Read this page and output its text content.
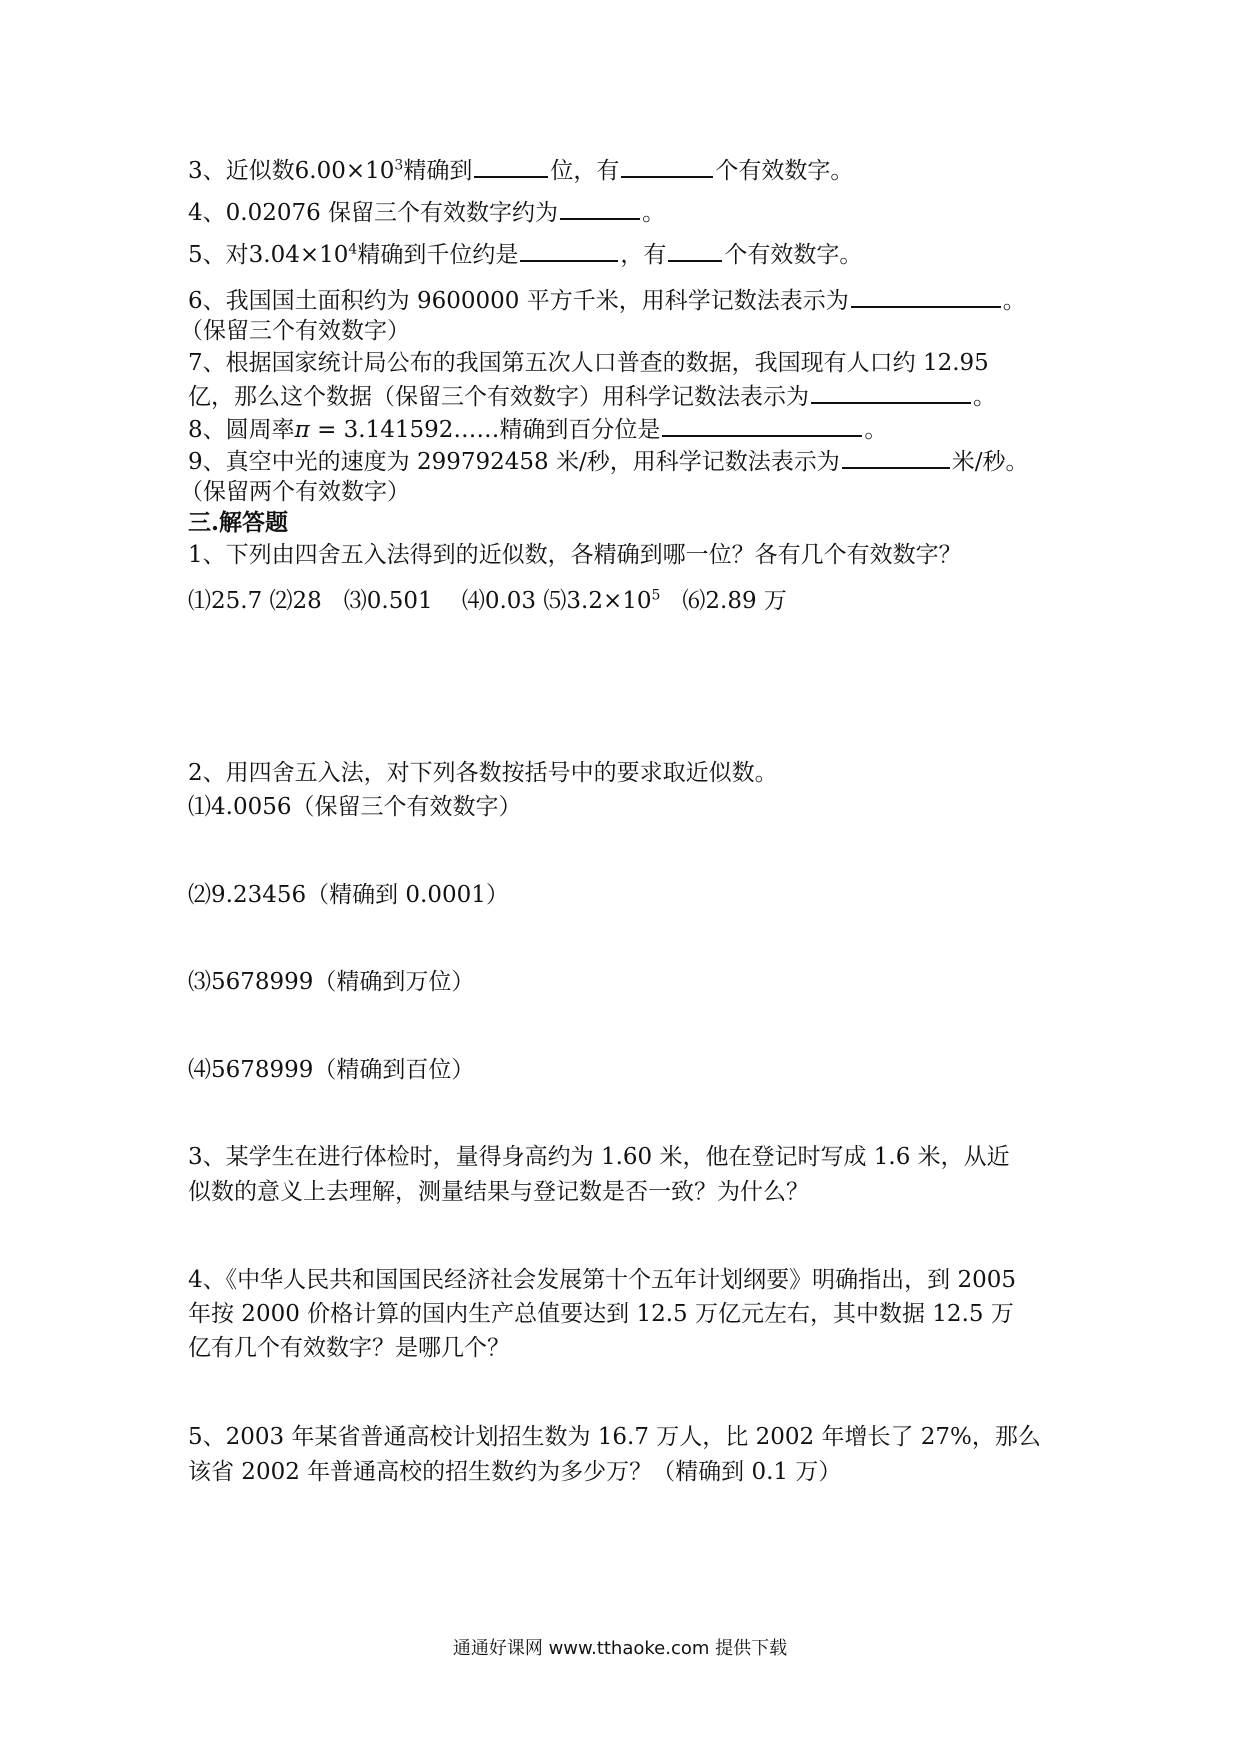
3、近似数$6.00\times 10^3$精确到	位，有	个有效数字。
4、0.02076 保留三个有效数字约为	。
5、对$3.04\times 10^4$精确到千位约是	，有	个有效数字。
6、我国国土面积约为 9600000 平方千米，用科学记数法表示为	。
（保留三个有效数字）
7、根据国家统计局公布的我国第五次人口普查的数据，我国现有人口约 12.95
亿，那么这个数据（保留三个有效数字）用科学记数法表示为	。
8、圆周率π = 3.141592……精确到百分位是	。
9、真空中光的速度为 299792458 米/秒，用科学记数法表示为	米/秒。
（保留两个有效数字）
三.解答题
1、下列由四舍五入法得到的近似数，各精确到哪一位？各有几个有效数字？
⑴25.7 ⑵28 ⑶0.501 ⑷0.03 $⑸3.2\times 10^5$ ⑹2.89 万
2、用四舍五入法，对下列各数按括号中的要求取近似数。
⑴4.0056（保留三个有效数字）
⑵9.23456（精确到 0.0001）
⑶5678999（精确到万位）
⑷5678999（精确到百位）
3、某学生在进行体检时，量得身高约为 1.60 米，他在登记时写成 1.6 米，从近
似数的意义上去理解，测量结果与登记数是否一致？为什么？
4、《中华人民共和国国民经济社会发展第十个五年计划纲要》明确指出，到 2005
年按 2000 价格计算的国内生产总值要达到 12.5 万亿元左右，其中数据 12.5 万
亿有几个有效数字？是哪几个？
5、2003 年某省普通高校计划招生数为 16.7 万人，比 2002 年增长了 27%，那么
该省 2002 年普通高校的招生数约为多少万？（精确到 0.1 万）
通通好课网 www.tthaoke.com 提供下载
